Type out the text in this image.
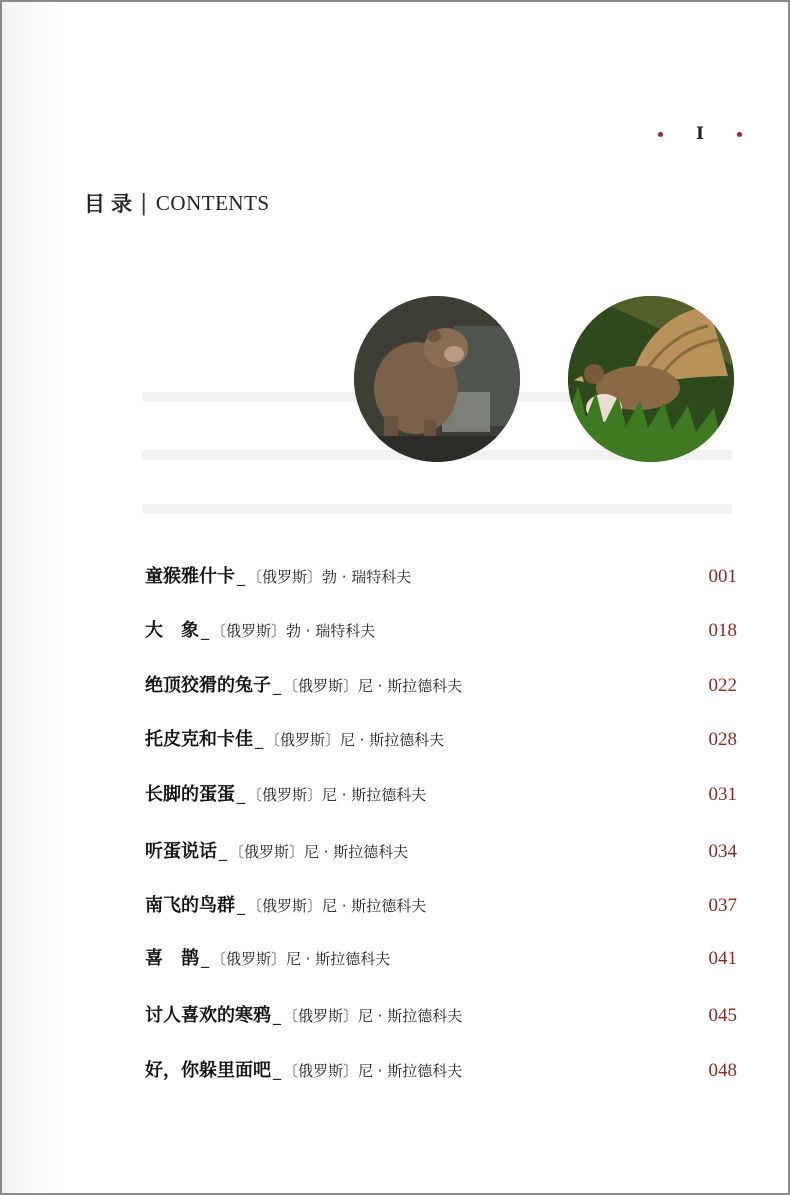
I
目录 | CONTENTS
童猴雅什卡 _ 〔俄罗斯〕勃 · 瑞特科夫	001
大　象 _ 〔俄罗斯〕勃 · 瑞特科夫	018
绝顶狡猾的兔子 _ 〔俄罗斯〕尼 · 斯拉德科夫	022
托皮克和卡佳 _ 〔俄罗斯〕尼 · 斯拉德科夫	028
长脚的蛋蛋 _ 〔俄罗斯〕尼 · 斯拉德科夫	031
听蛋说话 _ 〔俄罗斯〕尼 · 斯拉德科夫	034
南飞的鸟群 _ 〔俄罗斯〕尼 · 斯拉德科夫	037
喜　鹊 _ 〔俄罗斯〕尼 · 斯拉德科夫	041
讨人喜欢的寒鸦 _ 〔俄罗斯〕尼 · 斯拉德科夫	045
好，你躲里面吧 _ 〔俄罗斯〕尼 · 斯拉德科夫	048
